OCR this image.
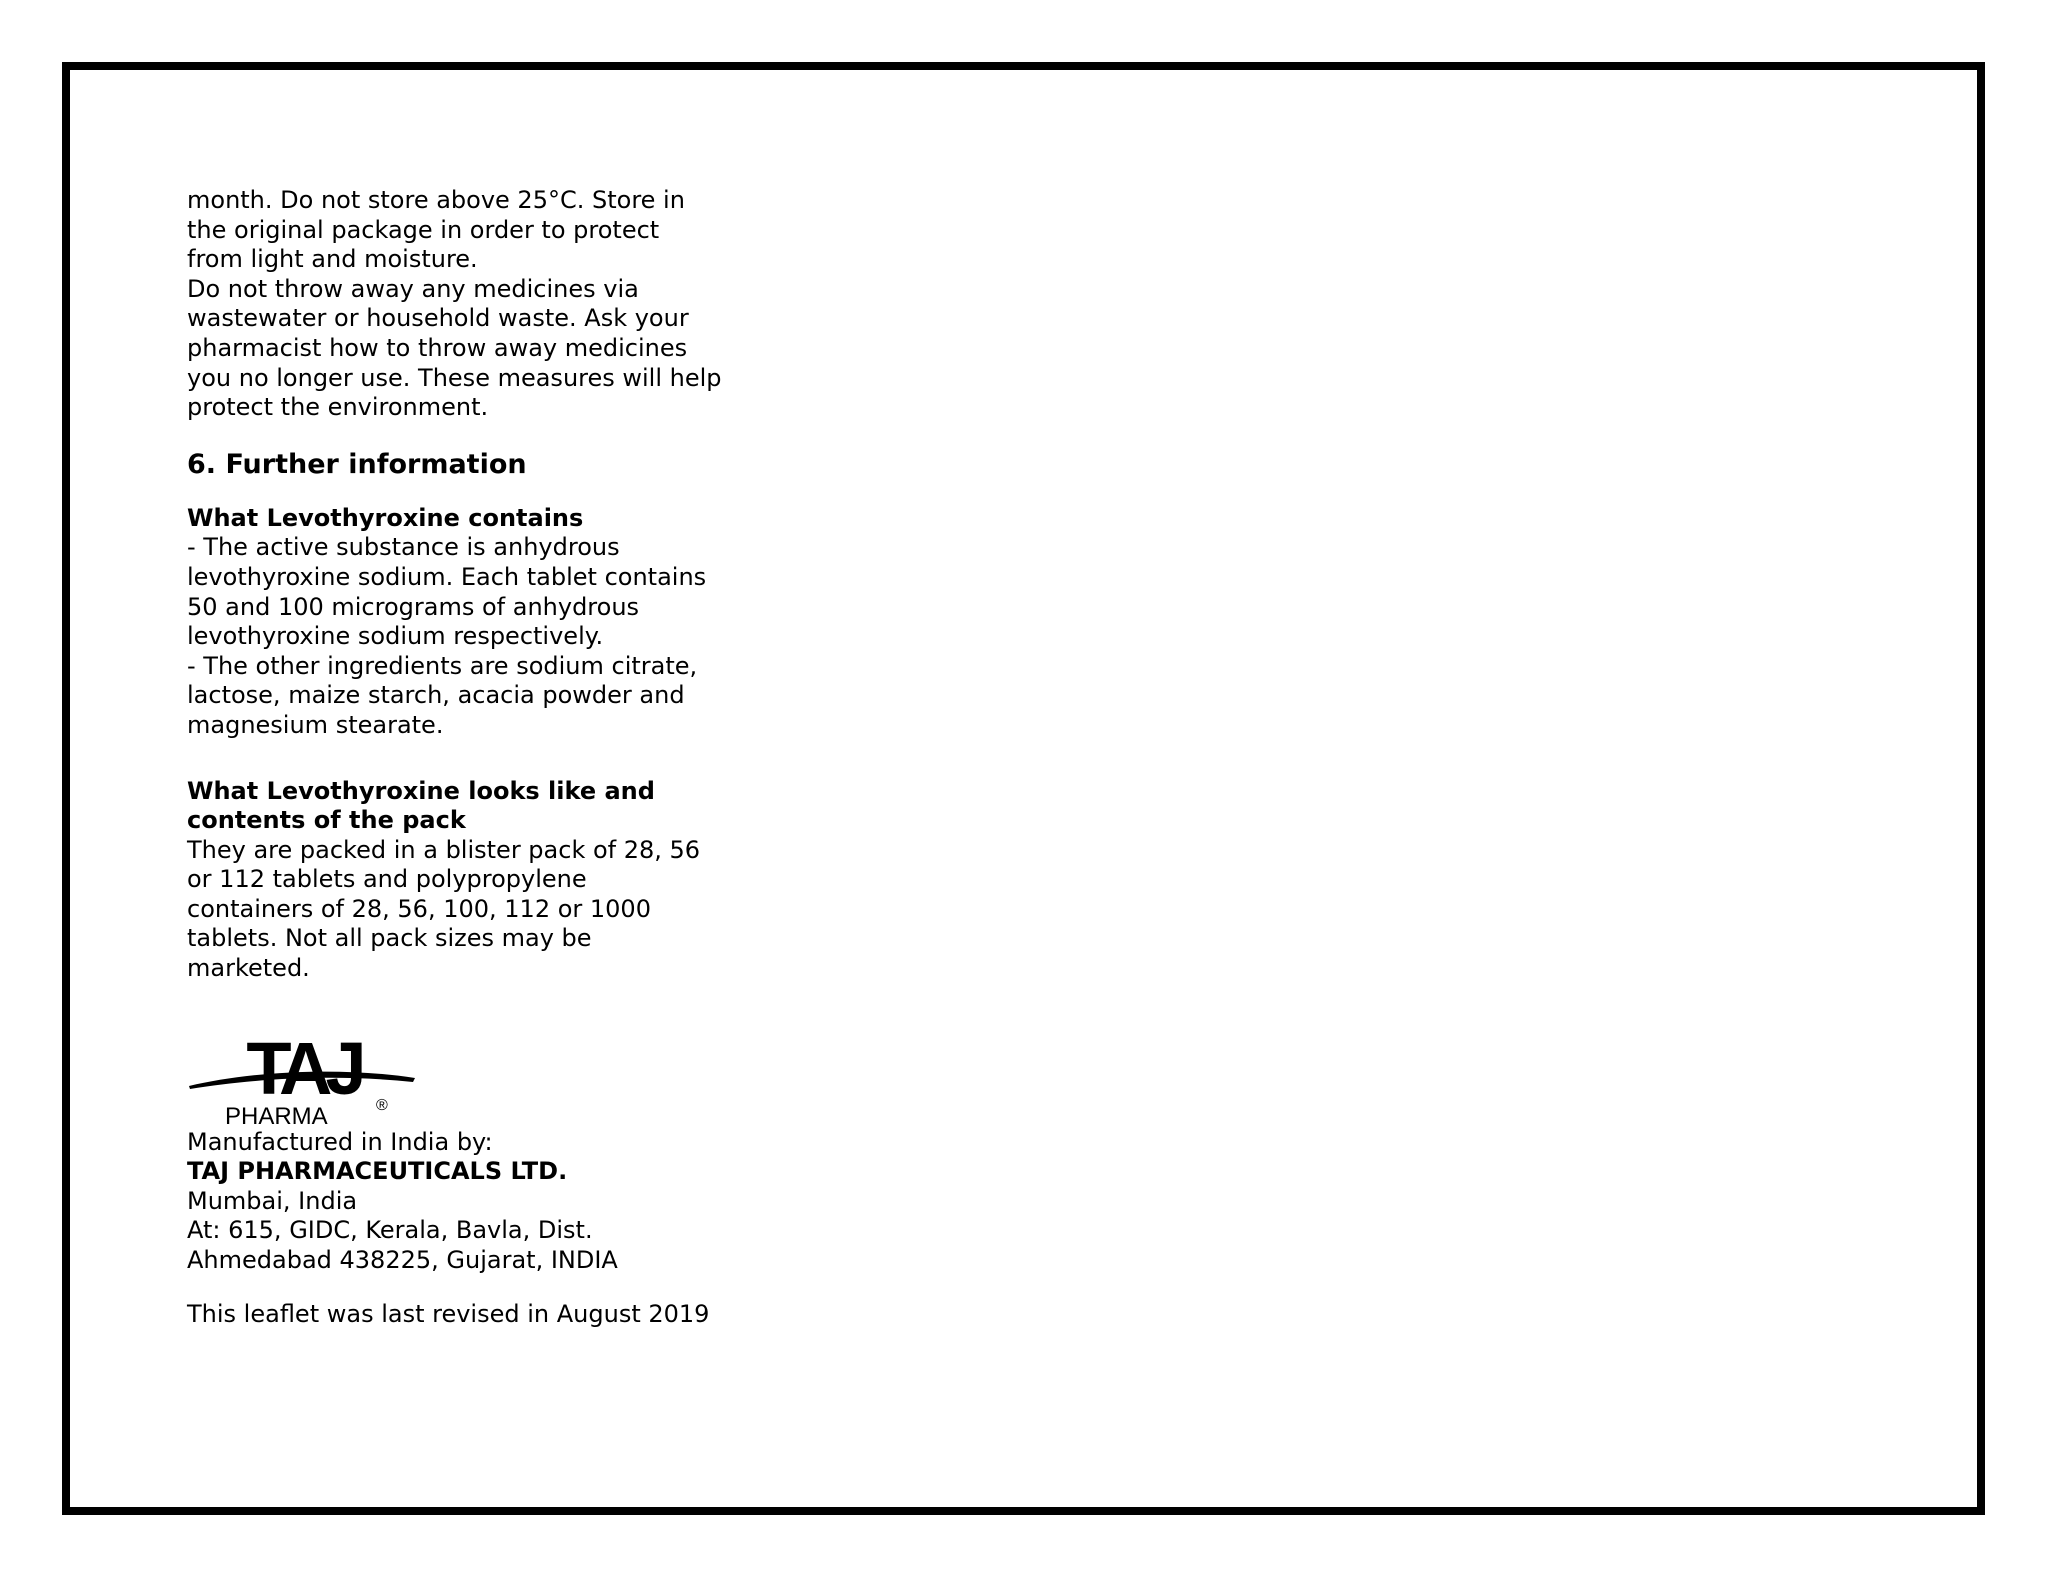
month. Do not store above 25°C. Store in
the original package in order to protect
from light and moisture.
Do not throw away any medicines via
wastewater or household waste. Ask your
pharmacist how to throw away medicines
you no longer use. These measures will help
protect the environment.
6. Further information
What Levothyroxine contains
- The active substance is anhydrous
levothyroxine sodium. Each tablet contains
50 and 100 micrograms of anhydrous
levothyroxine sodium respectively.
- The other ingredients are sodium citrate,
lactose, maize starch, acacia powder and
magnesium stearate.
What Levothyroxine looks like and
contents of the pack
They are packed in a blister pack of 28, 56
or 112 tablets and polypropylene
containers of 28, 56, 100, 112 or 1000
tablets. Not all pack sizes may be
marketed.
TAJ
PHARMA	®
Manufactured in India by:
TAJ PHARMACEUTICALS LTD.
Mumbai, India
At: 615, GIDC, Kerala, Bavla, Dist.
Ahmedabad 438225, Gujarat, INDIA
This leaflet was last revised in August 2019
